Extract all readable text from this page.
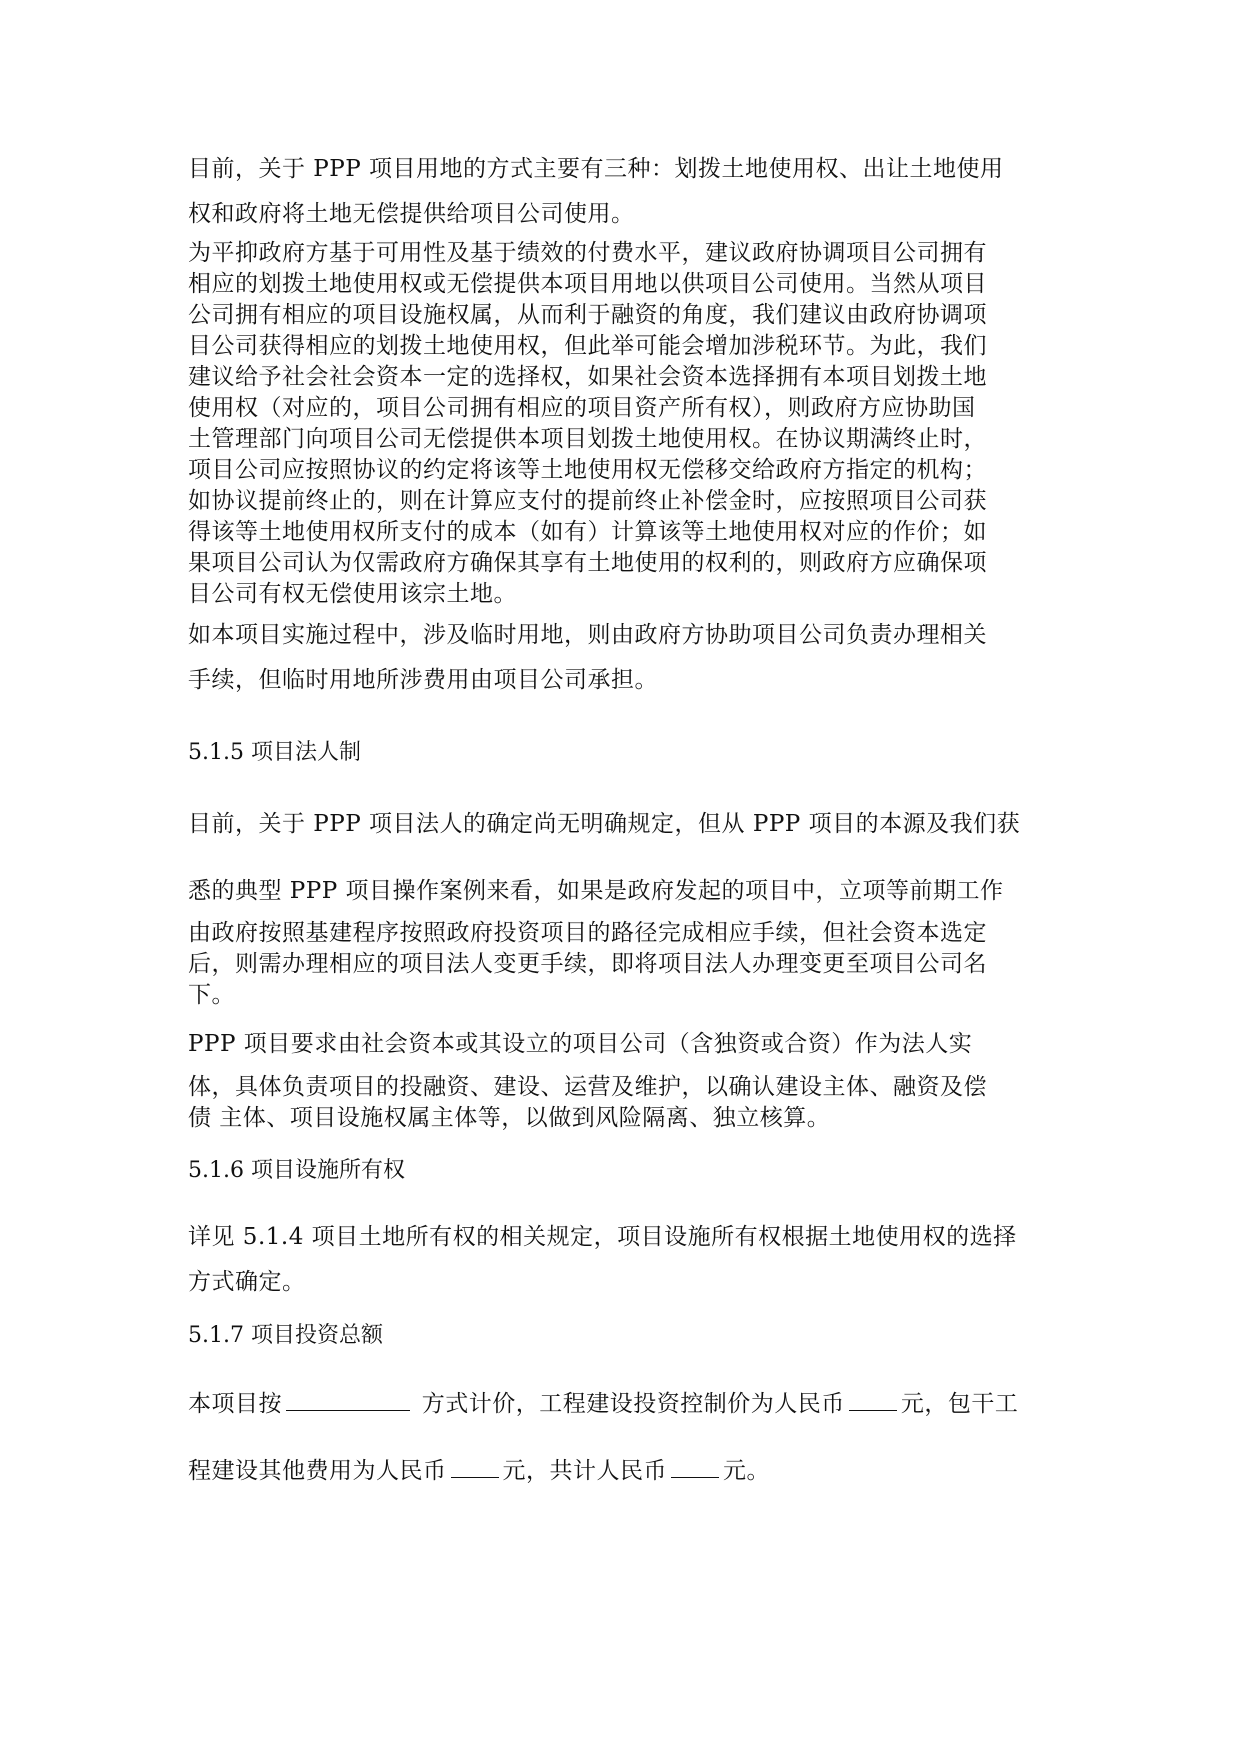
目前，关于 PPP 项目用地的方式主要有三种：划拨土地使用权、出让土地使用
权和政府将土地无偿提供给项目公司使用。
为平抑政府方基于可用性及基于绩效的付费水平，建议政府协调项目公司拥有
相应的划拨土地使用权或无偿提供本项目用地以供项目公司使用。当然从项目
公司拥有相应的项目设施权属，从而利于融资的角度，我们建议由政府协调项
目公司获得相应的划拨土地使用权，但此举可能会增加涉税环节。为此，我们
建议给予社会社会资本一定的选择权，如果社会资本选择拥有本项目划拨土地
使用权（对应的，项目公司拥有相应的项目资产所有权），则政府方应协助国
土管理部门向项目公司无偿提供本项目划拨土地使用权。在协议期满终止时，
项目公司应按照协议的约定将该等土地使用权无偿移交给政府方指定的机构；
如协议提前终止的，则在计算应支付的提前终止补偿金时，应按照项目公司获
得该等土地使用权所支付的成本（如有）计算该等土地使用权对应的作价；如
果项目公司认为仅需政府方确保其享有土地使用的权利的，则政府方应确保项
目公司有权无偿使用该宗土地。
如本项目实施过程中，涉及临时用地，则由政府方协助项目公司负责办理相关
手续，但临时用地所涉费用由项目公司承担。
5.1.5 项目法人制
目前，关于 PPP 项目法人的确定尚无明确规定，但从 PPP 项目的本源及我们获
悉的典型 PPP 项目操作案例来看，如果是政府发起的项目中，立项等前期工作
由政府按照基建程序按照政府投资项目的路径完成相应手续，但社会资本选定
后，则需办理相应的项目法人变更手续，即将项目法人办理变更至项目公司名
下。
PPP 项目要求由社会资本或其设立的项目公司（含独资或合资）作为法人实
体，具体负责项目的投融资、建设、运营及维护，以确认建设主体、融资及偿
债 主体、项目设施权属主体等，以做到风险隔离、独立核算。
5.1.6 项目设施所有权
详见 5.1.4 项目土地所有权的相关规定，项目设施所有权根据土地使用权的选择
方式确定。
5.1.7 项目投资总额
本项目按	方式计价，工程建设投资控制价为人民币 元，包干工
程建设其他费用为人民币 元，共计人民币 元。
